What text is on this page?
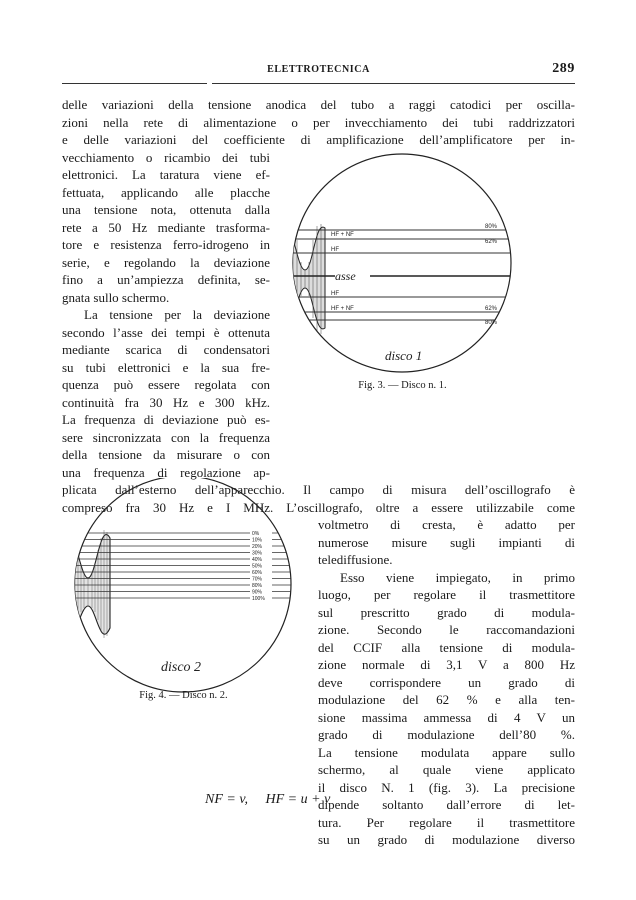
ELETTROTECNICA	289
delle variazioni della tensione anodica del tubo a raggi catodici per oscilla-
zioni nella rete di alimentazione o per invecchiamento dei tubi raddrizzatori
e delle variazioni del coefficiente di amplificazione dell’amplificatore per in-
vecchiamento o ricambio dei tubi
elettronici. La taratura viene ef-
fettuata, applicando alle placche
una tensione nota, ottenuta dalla
rete a 50 Hz mediante trasforma-
tore e resistenza ferro-idrogeno in
serie, e regolando la deviazione
fino a un’ampiezza definita, se-
gnata sullo schermo.
La tensione per la deviazione
secondo l’asse dei tempi è ottenuta
mediante scarica di condensatori
su tubi elettronici e la sua fre-
quenza può essere regolata con
continuità fra 30 Hz e 300 kHz.
La frequenza di deviazione può es-
sere sincronizzata con la frequenza
della tensione da misurare o con
una frequenza di regolazione ap-
HF + NF
HF
asse
HF
HF + NF
80%
62%
62%
80%
disco 1
Fig. 3. — Disco n. 1.
plicata dall’esterno dell’apparecchio. Il campo di misura dell’oscillografo è
compreso fra 30 Hz e I MHz. L’oscillografo, oltre a essere utilizzabile come
voltmetro di cresta, è adatto per
numerose misure sugli impianti di
telediffusione.
Esso viene impiegato, in primo
luogo, per regolare il trasmettitore
sul prescritto grado di modula-
zione. Secondo le raccomandazioni
del CCIF alla tensione di modula-
zione normale di 3,1 V a 800 Hz
deve corrispondere un grado di
modulazione del 62 % e alla ten-
sione massima ammessa di 4 V un
grado di modulazione dell’80 %.
La tensione modulata appare sullo
schermo, al quale viene applicato
il disco N. 1 (fig. 3). La precisione
dipende soltanto dall’errore di let-
tura. Per regolare il trasmettitore
su un grado di modulazione diverso
0%
10%
20%
30%
40%
50%
60%
70%
80%
90%
100%
disco 2
Fig. 4. — Disco n. 2.
NF = v,     HF = u + v
